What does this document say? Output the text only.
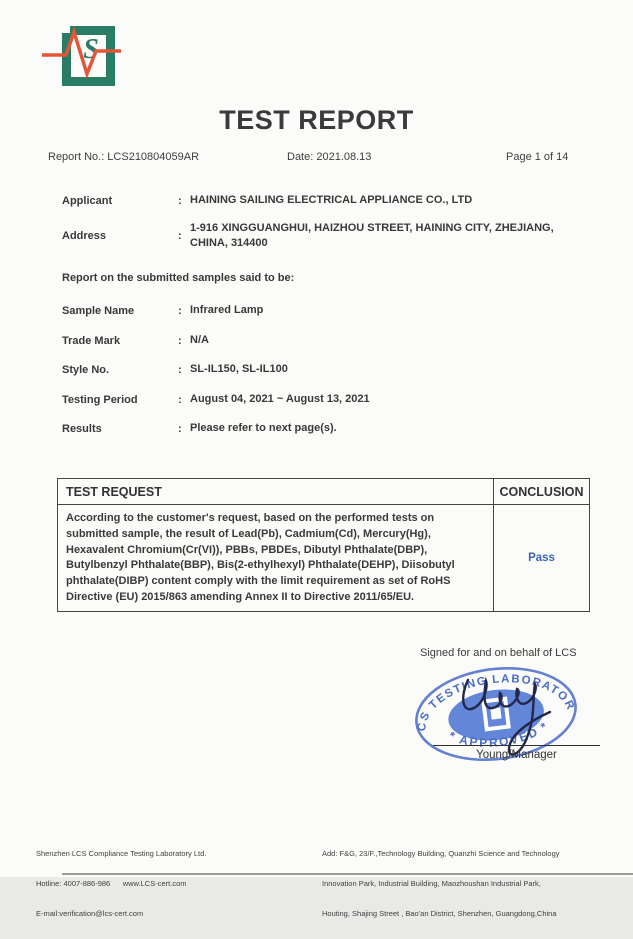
S
TEST REPORT
Report No.: LCS210804059AR	Date: 2021.08.13	Page 1 of 14
Applicant	: HAINING SAILING ELECTRICAL APPLIANCE CO., LTD
Address	:
1-916 XINGGUANGHUI, HAIZHOU STREET, HAINING CITY, ZHEJIANG, CHINA, 314400
Report on the submitted samples said to be:
Sample Name	: Infrared Lamp
Trade Mark	: N/A
Style No.	: SL-IL150, SL-IL100
Testing Period	: August 04, 2021 ~ August 13, 2021
Results	: Please refer to next page(s).
TEST REQUEST	CONCLUSION
According to the customer's request, based on the performed tests on submitted sample, the result of Lead(Pb), Cadmium(Cd), Mercury(Hg), Hexavalent Chromium(Cr(VI)), PBBs, PBDEs, Dibutyl Phthalate(DBP), Butylbenzyl Phthalate(BBP), Bis(2-ethylhexyl) Phthalate(DEHP), Diisobutyl phthalate(DIBP) content comply with the limit requirement as set of RoHS Directive (EU) 2015/863 amending Annex II to Directive 2011/65/EU.
Pass
Signed for and on behalf of LCS
LCS TESTING LABORATORY
* APPROVED *
Young/Manager

Shenzhen LCS Compliance Testing Laboratory Ltd.

Hotline: 4007-886-986      www.LCS-cert.com

E-mail:verification@lcs-cert.com

Add: F&G, 23/F.,Technology Building, Quanzhi Science and Technology

Innovation Park, Industrial Building, Maozhoushan Industrial Park,

Houting, Shajing Street , Bao'an District, Shenzhen, Guangdong,China
